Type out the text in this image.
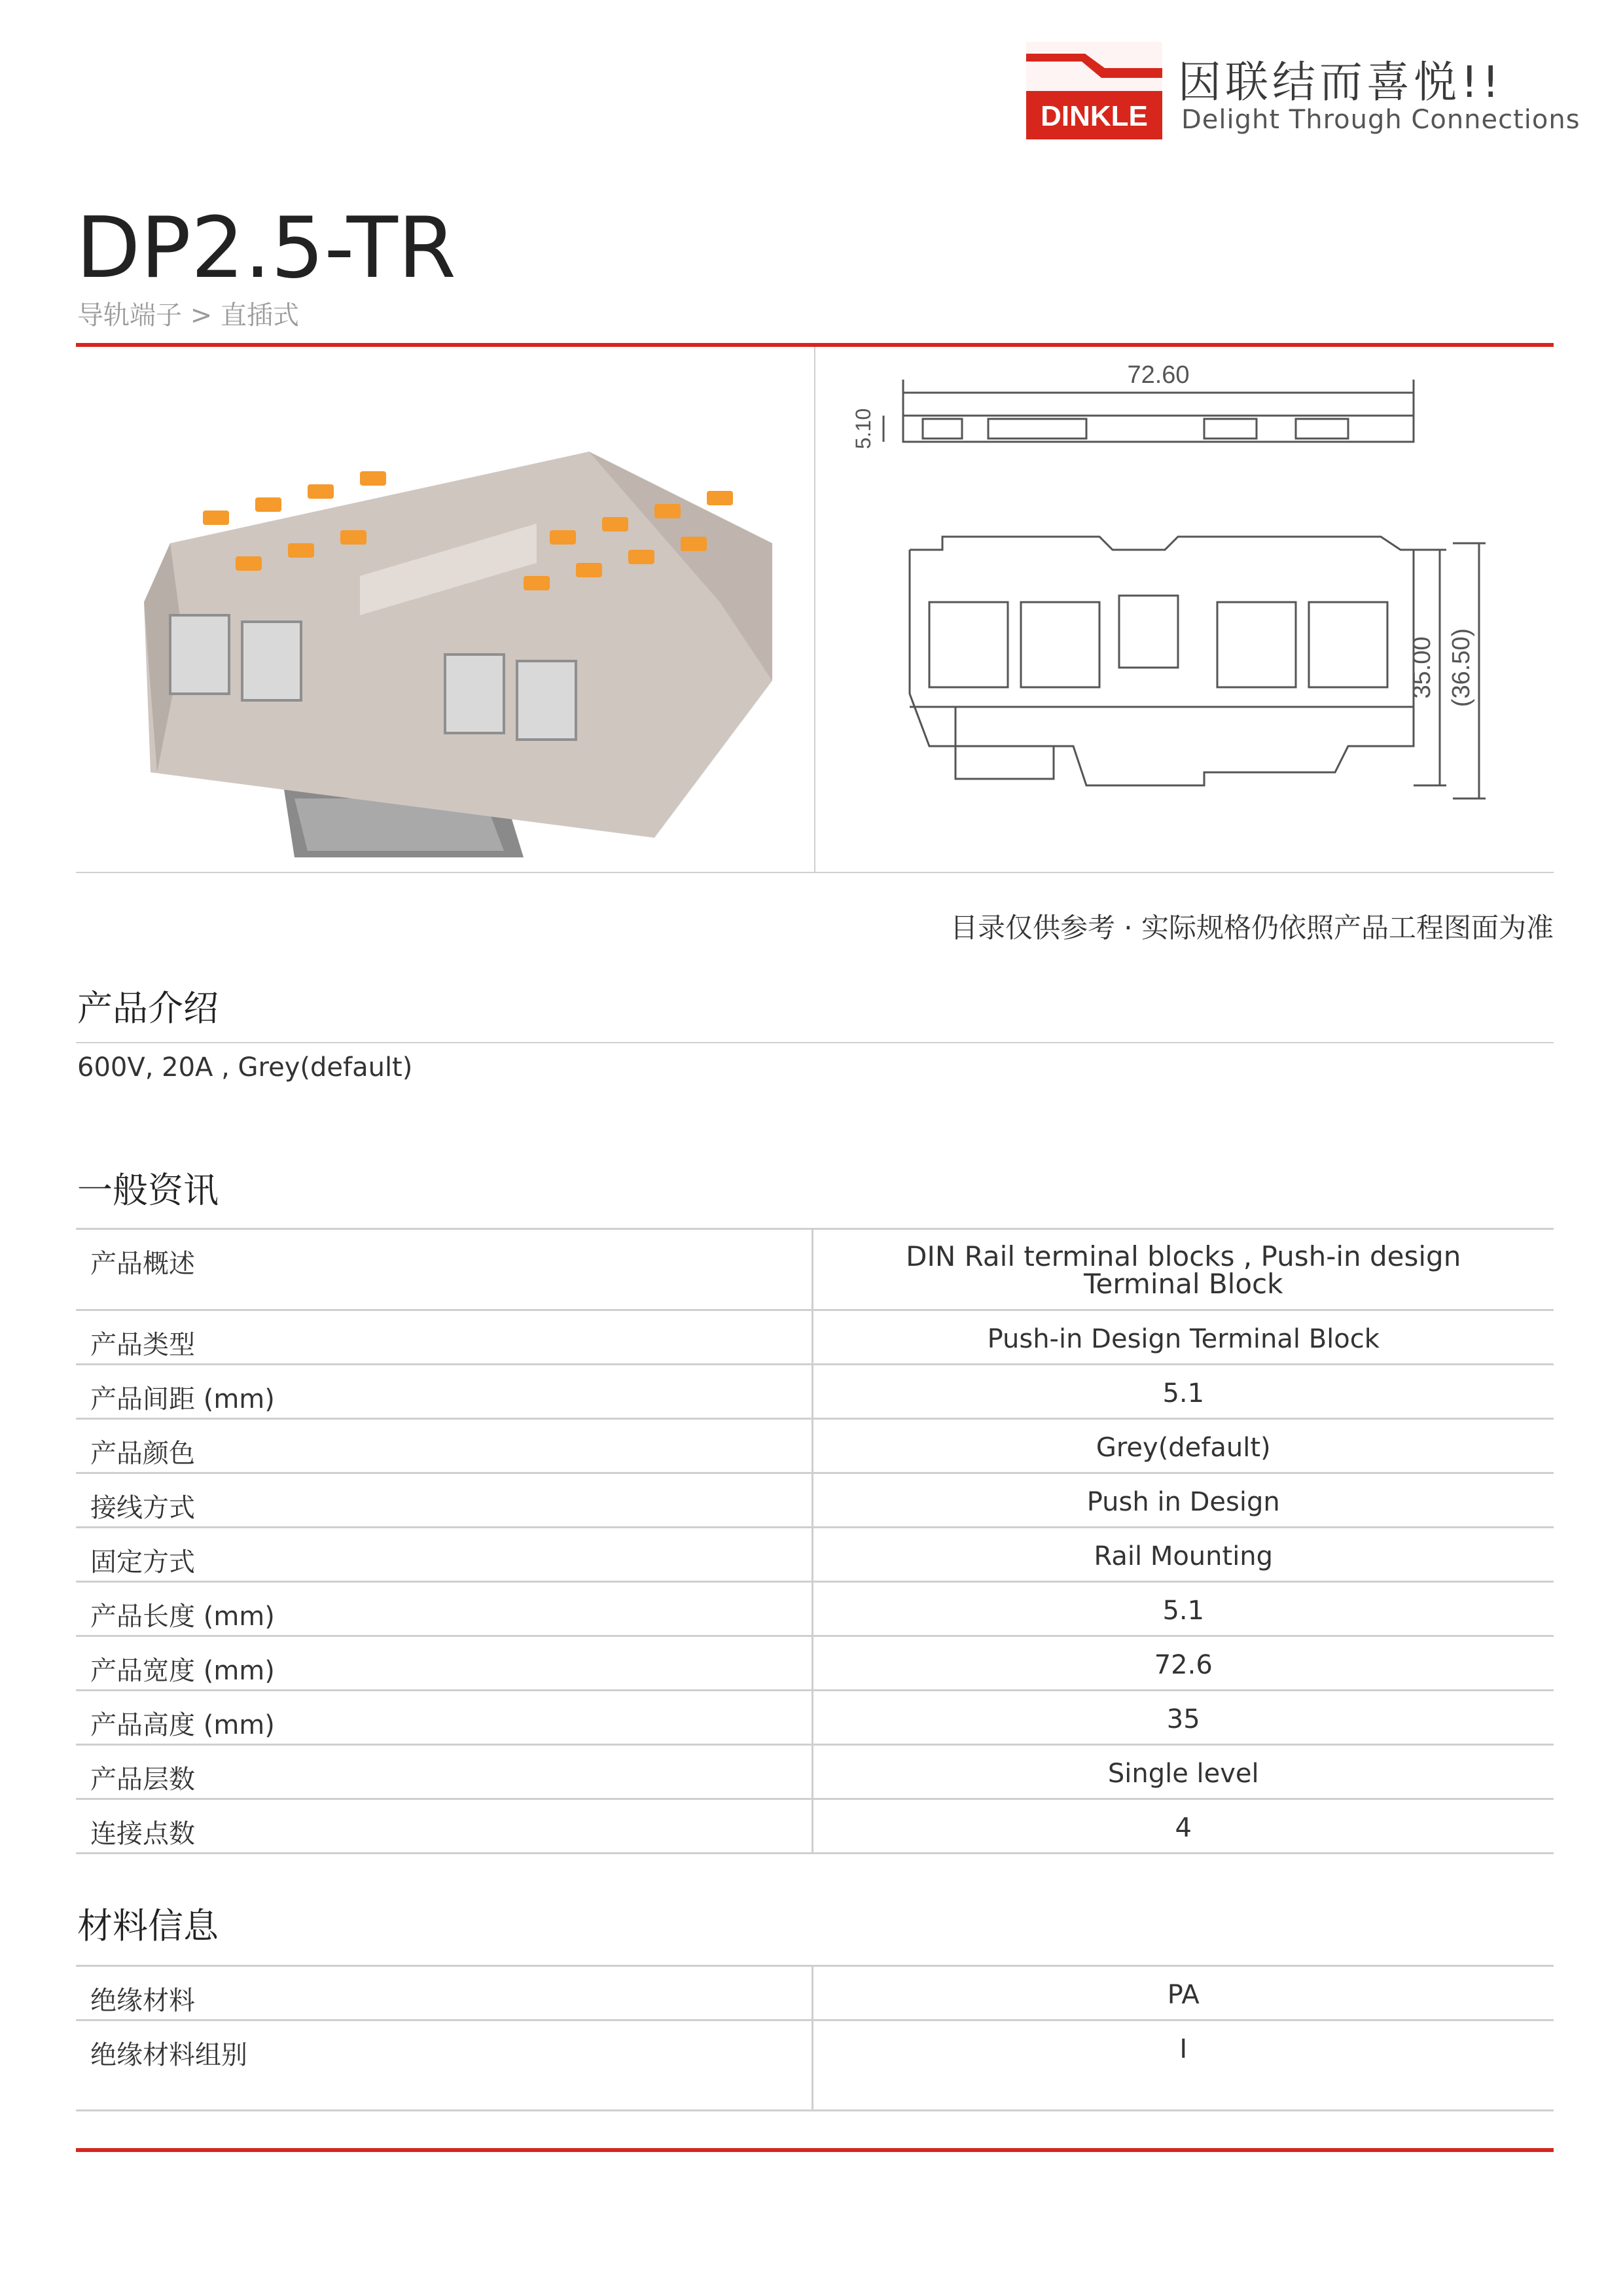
DINKLE
因联结而喜悦!!
Delight Through Connections
DP2.5-TR
导轨端子 > 直插式
72.60
5.10
35.00 (36.50)
目录仅供参考 · 实际规格仍依照产品工程图面为准
产品介绍
600V, 20A , Grey(default)
一般资讯
产品概述	DIN Rail terminal blocks , Push-in design Terminal Block

产品类型	Push-in Design Terminal Block
产品间距 (mm)	5.1
产品颜色	Grey(default)
接线方式	Push in Design
固定方式	Rail Mounting
产品长度 (mm)	5.1
产品宽度 (mm)	72.6
产品高度 (mm)	35
产品层数	Single level
连接点数	4
材料信息
绝缘材料	PA
绝缘材料组别	I
